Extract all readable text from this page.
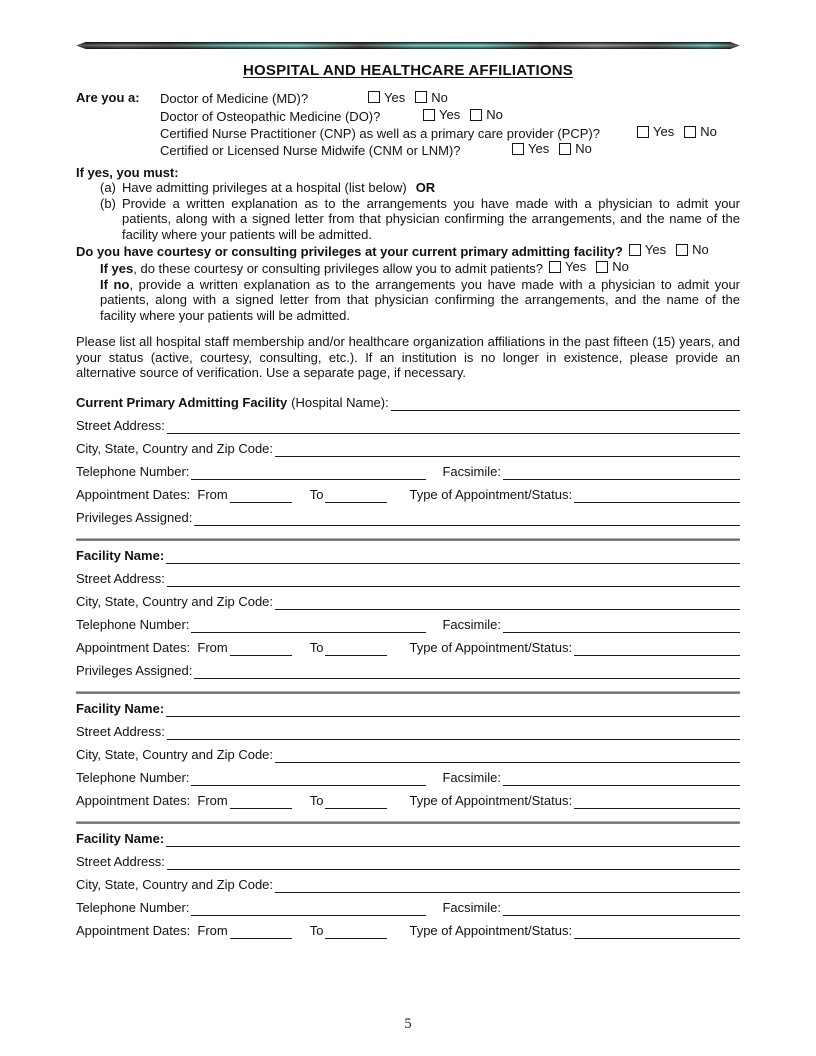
HOSPITAL AND HEALTHCARE AFFILIATIONS
Are you a:	Doctor of Medicine (MD)?	Yes No
Doctor of Osteopathic Medicine (DO)?	Yes No
Certified Nurse Practitioner (CNP) as well as a primary care provider (PCP)?	Yes No
Certified or Licensed Nurse Midwife (CNM or LNM)?	Yes No
If yes, you must:
(a) Have admitting privileges at a hospital (list below) OR
(b) Provide a written explanation as to the arrangements you have made with a physician to admit your patients, along with a signed letter from that physician confirming the arrangements, and the name of the facility where your patients will be admitted.
Do you have courtesy or consulting privileges at your current primary admitting facility? Yes No
If yes , do these courtesy or consulting privileges allow you to admit patients? Yes No
If no, provide a written explanation as to the arrangements you have made with a physician to admit your patients, along with a signed letter from that physician confirming the arrangements, and the name of the facility where your patients will be admitted.
Please list all hospital staff membership and/or healthcare organization affiliations in the past fifteen (15) years, and your status (active, courtesy, consulting, etc.). If an institution is no longer in existence, please provide an alternative source of verification. Use a separate page, if necessary.
Current Primary Admitting Facility (Hospital Name):
Street Address:
City, State, Country and Zip Code:
Telephone Number:	Facsimile:
Appointment Dates:  From	To	Type of Appointment/Status:
Privileges Assigned:
Facility Name:
Street Address:
City, State, Country and Zip Code:
Telephone Number:	Facsimile:
Appointment Dates:  From	To	Type of Appointment/Status:
Privileges Assigned:
Facility Name:
Street Address:
City, State, Country and Zip Code:
Telephone Number:	Facsimile:
Appointment Dates:  From	To	Type of Appointment/Status:
Facility Name:
Street Address:
City, State, Country and Zip Code:
Telephone Number:	Facsimile:
Appointment Dates:  From	To	Type of Appointment/Status:
5
